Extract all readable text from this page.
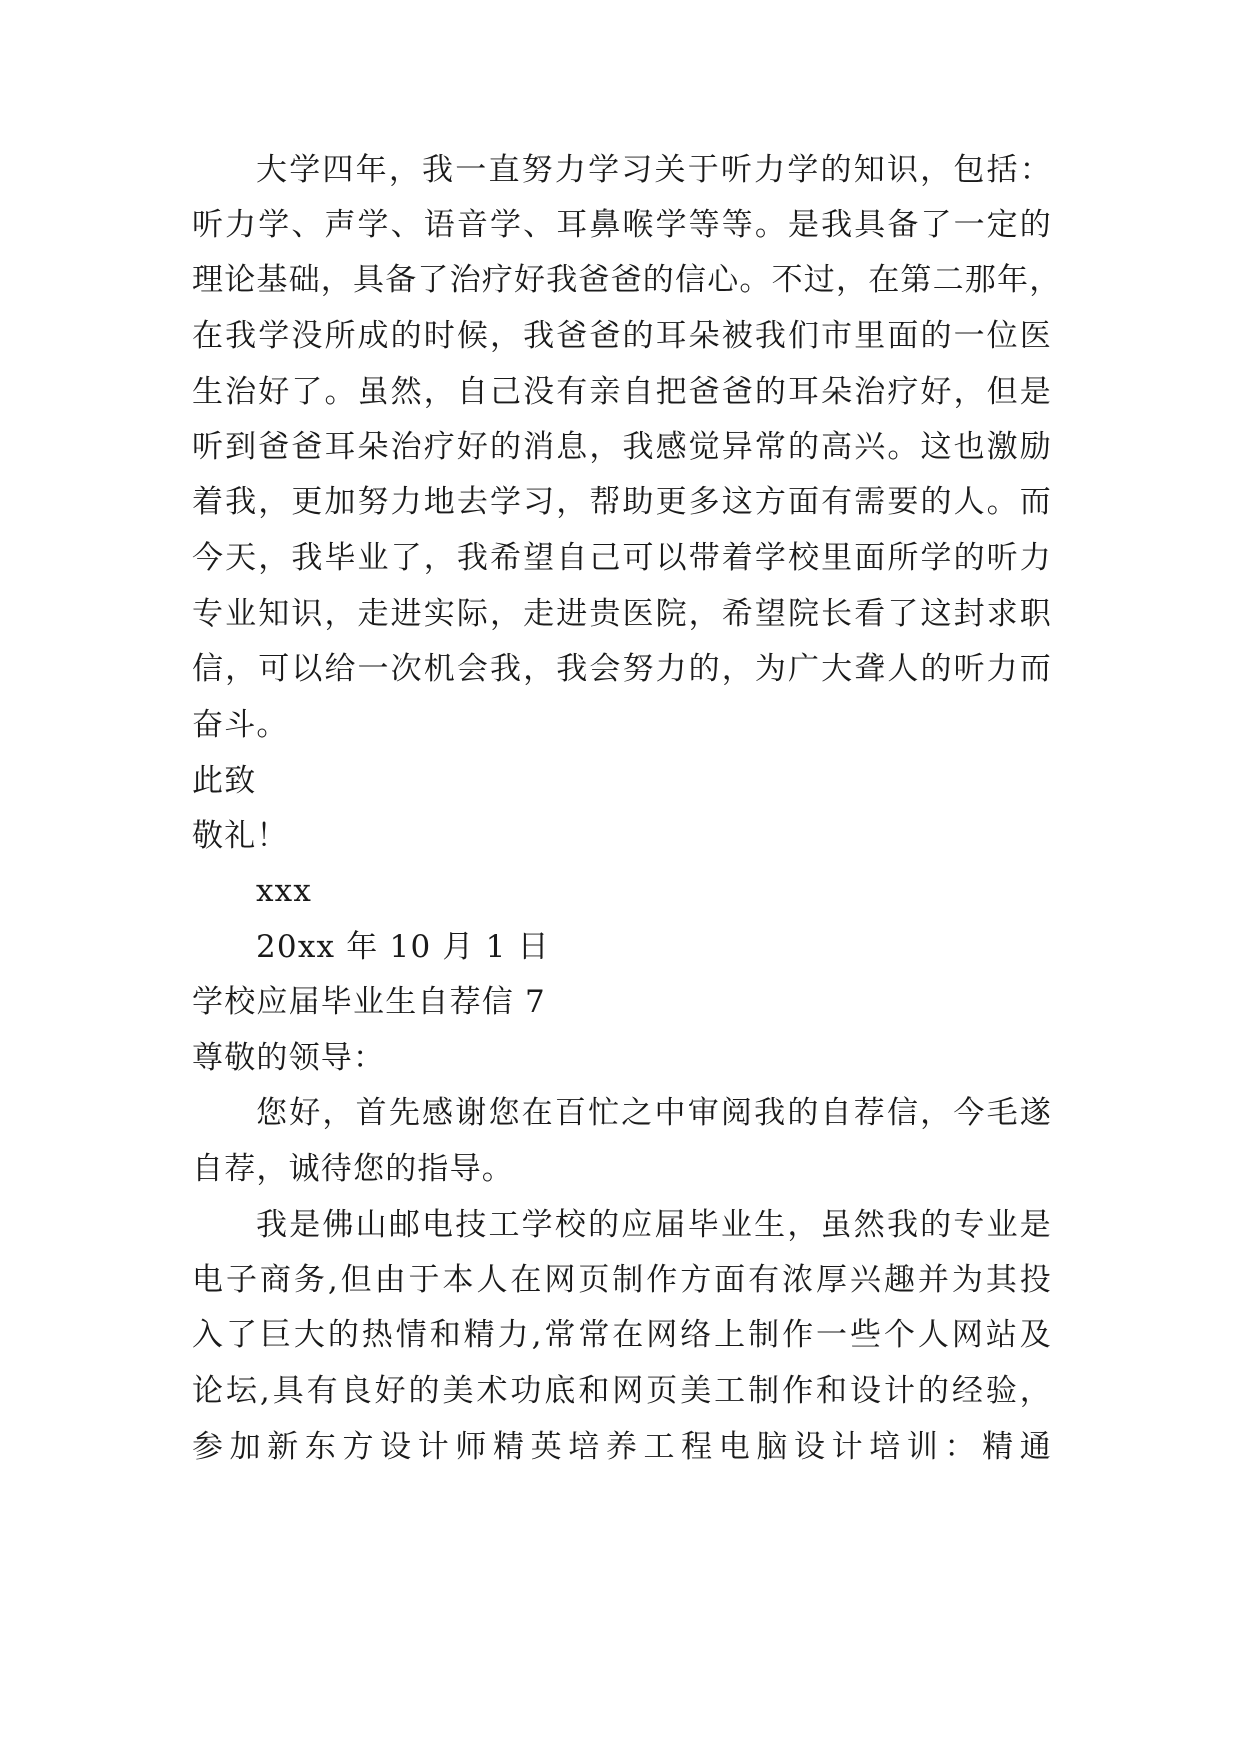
大学四年，我一直努力学习关于听力学的知识，包括：
听力学、声学、语音学、耳鼻喉学等等。是我具备了一定的
理论基础，具备了治疗好我爸爸的信心。不过，在第二那年，
在我学没所成的时候，我爸爸的耳朵被我们市里面的一位医
生治好了。虽然，自己没有亲自把爸爸的耳朵治疗好，但是
听到爸爸耳朵治疗好的消息，我感觉异常的高兴。这也激励
着我，更加努力地去学习，帮助更多这方面有需要的人。而
今天，我毕业了，我希望自己可以带着学校里面所学的听力
专业知识，走进实际，走进贵医院，希望院长看了这封求职
信，可以给一次机会我，我会努力的，为广大聋人的听力而
奋斗。
此致
敬礼！
xxx
20xx 年 10 月 1 日
学校应届毕业生自荐信 7
尊敬的领导：
您好，首先感谢您在百忙之中审阅我的自荐信，今毛遂
自荐，诚待您的指导。
我是佛山邮电技工学校的应届毕业生，虽然我的专业是
电子商务,但由于本人在网页制作方面有浓厚兴趣并为其投
入了巨大的热情和精力,常常在网络上制作一些个人网站及
论坛,具有良好的美术功底和网页美工制作和设计的经验，
参加新东方设计师精英培养工程电脑设计培训：精通
